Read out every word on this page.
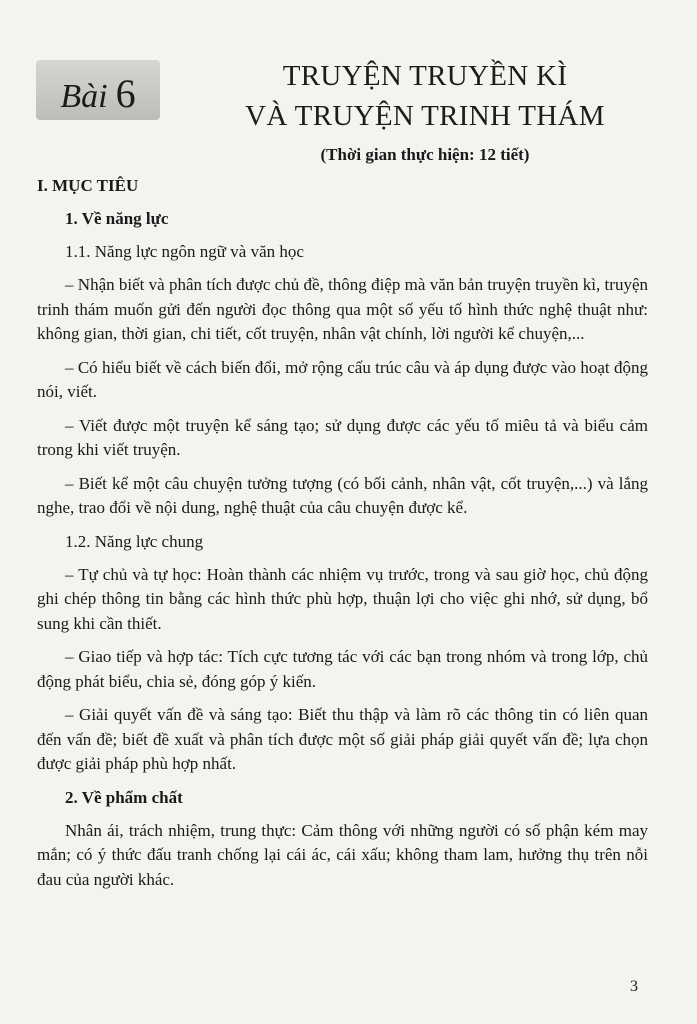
Bài 6	TRUYỆN TRUYỀN KÌ
VÀ TRUYỆN TRINH THÁM
(Thời gian thực hiện: 12 tiết)

I. MỤC TIÊU

1. Về năng lực

1.1. Năng lực ngôn ngữ và văn học

– Nhận biết và phân tích được chủ đề, thông điệp mà văn bản truyện truyền kì, truyện trinh thám muốn gửi đến người đọc thông qua một số yếu tố hình thức nghệ thuật như: không gian, thời gian, chi tiết, cốt truyện, nhân vật chính, lời người kể chuyện,...

– Có hiểu biết về cách biến đổi, mở rộng cấu trúc câu và áp dụng được vào hoạt động nói, viết.

– Viết được một truyện kể sáng tạo; sử dụng được các yếu tố miêu tả và biểu cảm trong khi viết truyện.

– Biết kể một câu chuyện tưởng tượng (có bối cảnh, nhân vật, cốt truyện,...) và lắng nghe, trao đổi về nội dung, nghệ thuật của câu chuyện được kể.

1.2. Năng lực chung

– Tự chủ và tự học: Hoàn thành các nhiệm vụ trước, trong và sau giờ học, chủ động ghi chép thông tin bằng các hình thức phù hợp, thuận lợi cho việc ghi nhớ, sử dụng, bổ sung khi cần thiết.

– Giao tiếp và hợp tác: Tích cực tương tác với các bạn trong nhóm và trong lớp, chủ động phát biểu, chia sẻ, đóng góp ý kiến.

– Giải quyết vấn đề và sáng tạo: Biết thu thập và làm rõ các thông tin có liên quan đến vấn đề; biết đề xuất và phân tích được một số giải pháp giải quyết vấn đề; lựa chọn được giải pháp phù hợp nhất.

2. Về phẩm chất

Nhân ái, trách nhiệm, trung thực: Cảm thông với những người có số phận kém may mắn; có ý thức đấu tranh chống lại cái ác, cái xấu; không tham lam, hưởng thụ trên nỗi đau của người khác.

3
